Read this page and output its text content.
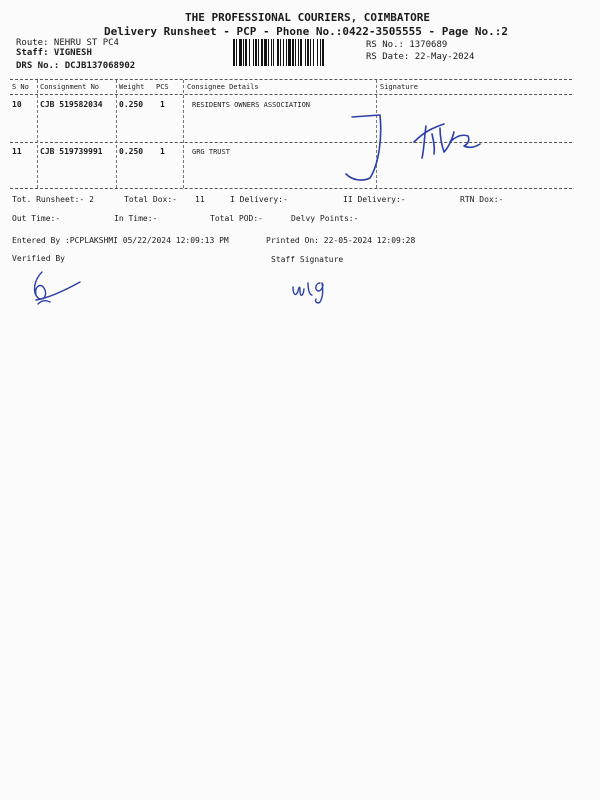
THE PROFESSIONAL COURIERS, COIMBATORE
Delivery Runsheet - PCP - Phone No.:0422-3505555 - Page No.:2
Route: NEHRU ST PC4
Staff: VIGNESH
DRS No.: DCJB137068902
RS No.: 1370689
RS Date: 22-May-2024
S No Consignment No	Weight PCS	Consignee Details	Signature
10 CJB 519582034 0.250 1	RESIDENTS OWNERS ASSOCIATION
11 CJB 519739991 0.250 1	GRG TRUST
Tot. Runsheet:- 2	Total Dox:- 11	I Delivery:-	II Delivery:-	RTN Dox:-
Out Time:-	In Time:-	Total POD:-	Delvy Points:-
Entered By :PCPLAKSHMI 05/22/2024 12:09:13 PM	Printed On: 22-05-2024 12:09:28
Verified By	Staff Signature
